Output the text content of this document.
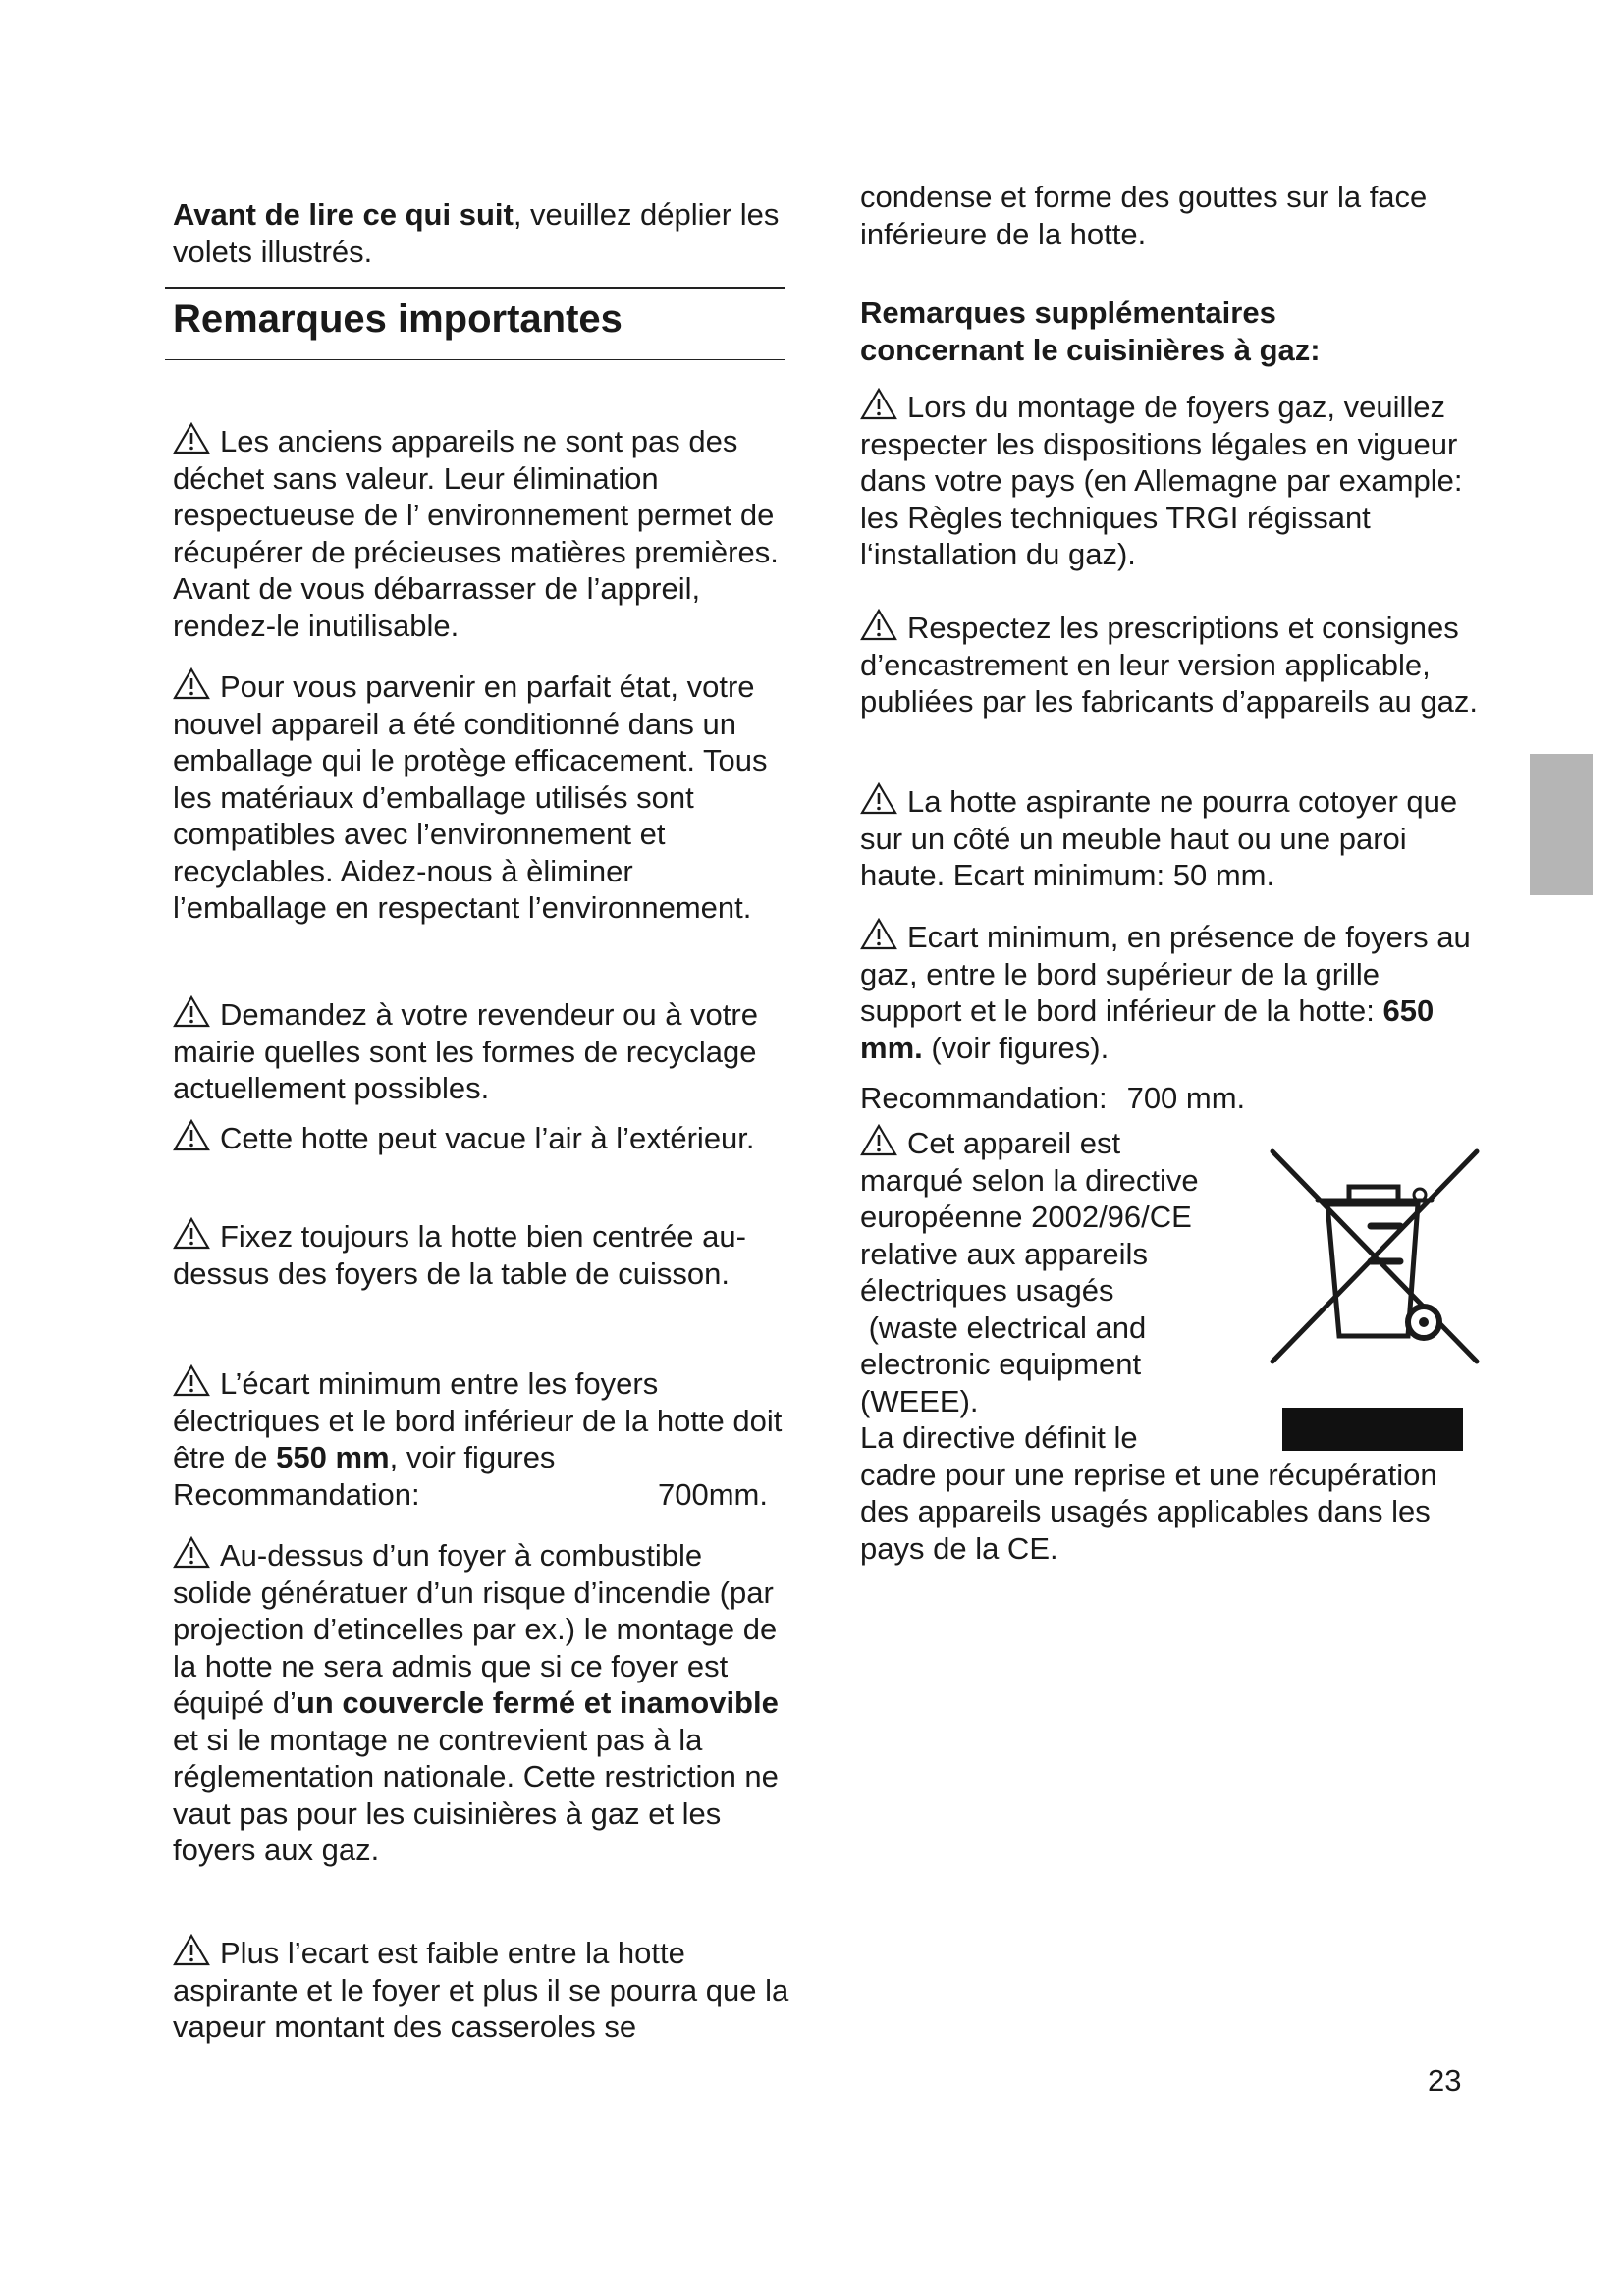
Avant de lire ce qui suit, veuillez déplier les volets illustrés.

Remarques importantes

Les anciens appareils ne sont pas des déchet sans valeur. Leur élimination respectueuse de l’ environnement permet de récupérer de précieuses matières premières. Avant de vous débarrasser de l’appreil, rendez-le inutilisable.

Pour vous parvenir en parfait état, votre nouvel appareil a été conditionné dans un emballage qui le protège efficacement. Tous les matériaux d’emballage utilisés sont compatibles avec l’environnement et recyclables. Aidez-nous à èliminer l’emballage en respectant l’environnement.

Demandez à votre revendeur ou à votre mairie quelles sont les formes de recyclage actuellement possibles.

Cette hotte peut vacue l’air à l’extérieur.

Fixez toujours la hotte bien centrée au-dessus des foyers de la table de cuisson.

L’écart minimum entre les foyers électriques et le bord inférieur de la hotte doit être de 550 mm, voir figures
Recommandation:	700mm.

Au-dessus d’un foyer à combustible solide génératuer d’un risque d’incendie (par projection d’etincelles par ex.) le montage de la hotte ne sera admis que si ce foyer est équipé d’un couvercle fermé et inamovible et si le montage ne contrevient pas à la réglementation nationale. Cette restriction ne vaut pas pour les cuisinières à gaz et les foyers aux gaz.

Plus l’ecart est faible entre la hotte aspirante et le foyer et plus il se pourra que la vapeur montant des casseroles se

condense et forme des gouttes sur la face inférieure de la hotte.

Remarques supplémentaires concernant le cuisinières à gaz:

Lors du montage de foyers gaz, veuillez respecter les dispositions légales en vigueur dans votre pays (en Allemagne par example: les Règles techniques TRGI régissant l‘installation du gaz).

Respectez les prescriptions et consignes d’encastrement en leur version applicable, publiées par les fabricants d’appareils au gaz.

La hotte aspirante ne pourra cotoyer que sur un côté un meuble haut ou une paroi haute. Ecart minimum: 50 mm.

Ecart minimum, en présence de foyers au gaz, entre le bord supérieur de la grille support et le bord inférieur de la hotte: 650 mm. (voir figures).
Recommandation: 700 mm.
Cet appareil est
marqué selon la directive
européenne 2002/96/CE
relative aux appareils
électriques usagés
(waste electrical and
electronic equipment
(WEEE).
La directive définit le
cadre pour une reprise et une récupération des appareils usagés applicables dans les pays de la CE.
23
